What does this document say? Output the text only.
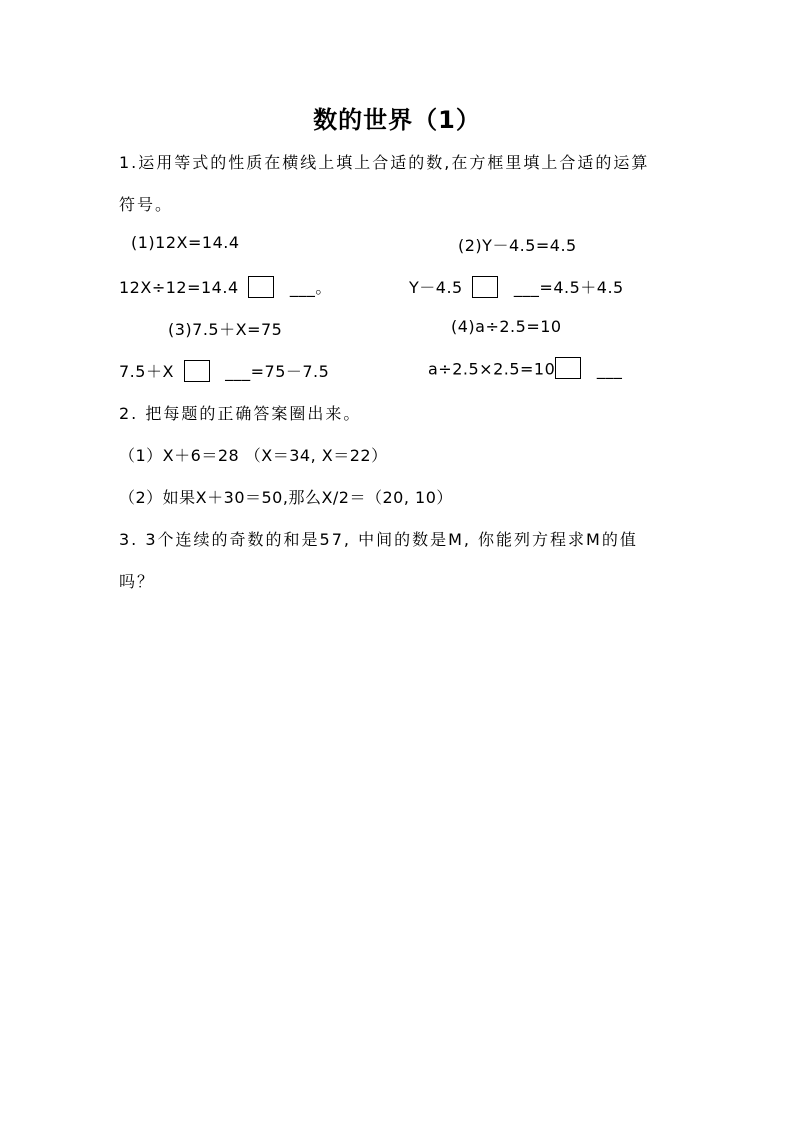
数的世界（1）
1.运用等式的性质在横线上填上合适的数,在方框里填上合适的运算
符号。
(1)12X=14.4	(2)Y－4.5=4.5
12X÷12=14.4	___。	Y－4.5	___=4.5＋4.5
(3)7.5＋X=75	(4)a÷2.5=10
7.5＋X	___=75－7.5	a÷2.5×2.5=10	___
2. 把每题的正确答案圈出来。
（1）X＋6＝28 （X＝34, X＝22）
（2）如果X＋30＝50,那么X/2＝（20, 10）
3. 3个连续的奇数的和是57, 中间的数是M, 你能列方程求M的值
吗？
